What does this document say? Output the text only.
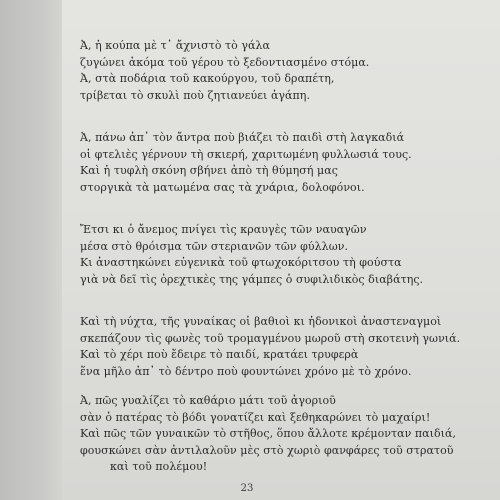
Ἀ, ἡ κούπα μὲ τ᾿ ἄχνιστὸ τὸ γάλα
ζυγώνει ἀκόμα τοῦ γέρου τὸ ξεδοντιασμένο στόμα.
Ἀ, στὰ ποδάρια τοῦ κακούργου, τοῦ δραπέτη,
τρίβεται τὸ σκυλὶ ποὺ ζητιανεύει ἀγάπη.
Ἀ, πάνω ἀπ᾿ τὸν ἄντρα ποὺ βιάζει τὸ παιδὶ στὴ λαγκαδιά
οἱ φτελιὲς γέρνουν τὴ σκιερή, χαριτωμένη φυλλωσιά τους.
Καὶ ἡ τυφλὴ σκόνη σβήνει ἀπὸ τὴ θύμησή μας
στοργικὰ τὰ ματωμένα σας τὰ χνάρια, δολοφόνοι.
Ἔτσι κι ὁ ἄνεμος πνίγει τὶς κραυγὲς τῶν ναυαγῶν
μέσα στὸ θρόισμα τῶν στεριανῶν τῶν φύλλων.
Κι ἀναστηκώνει εὐγενικὰ τοῦ φτωχοκόριτσου τὴ φούστα
γιὰ νὰ δεῖ τὶς ὀρεχτικὲς της γάμπες ὁ συφιλιδικὸς διαβάτης.
Καὶ τὴ νύχτα, τῆς γυναίκας οἱ βαθιοὶ κι ἡδονικοὶ ἀναστεναγμοὶ
σκεπάζουν τὶς φωνὲς τοῦ τρομαγμένου μωροῦ στὴ σκοτεινὴ γωνιά.
Καὶ τὸ χέρι ποὺ ἔδειρε τὸ παιδί, κρατάει τρυφερὰ
ἕνα μῆλο ἀπ᾿ τὸ δέντρο ποὺ φουντώνει χρόνο μὲ τὸ χρόνο.
Ἀ, πῶς γυαλίζει τὸ καθάριο μάτι τοῦ ἀγοριοῦ
σὰν ὁ πατέρας τὸ βόδι γονατίζει καὶ ξεθηκαρώνει τὸ μαχαίρι!
Καὶ πῶς τῶν γυναικῶν τὸ στῆθος, ὅπου ἄλλοτε κρέμονταν παιδιά,
φουσκώνει σὰν ἀντιλαλοῦν μὲς στὸ χωριὸ φανφάρες τοῦ στρατοῦ
καὶ τοῦ πολέμου!
23
